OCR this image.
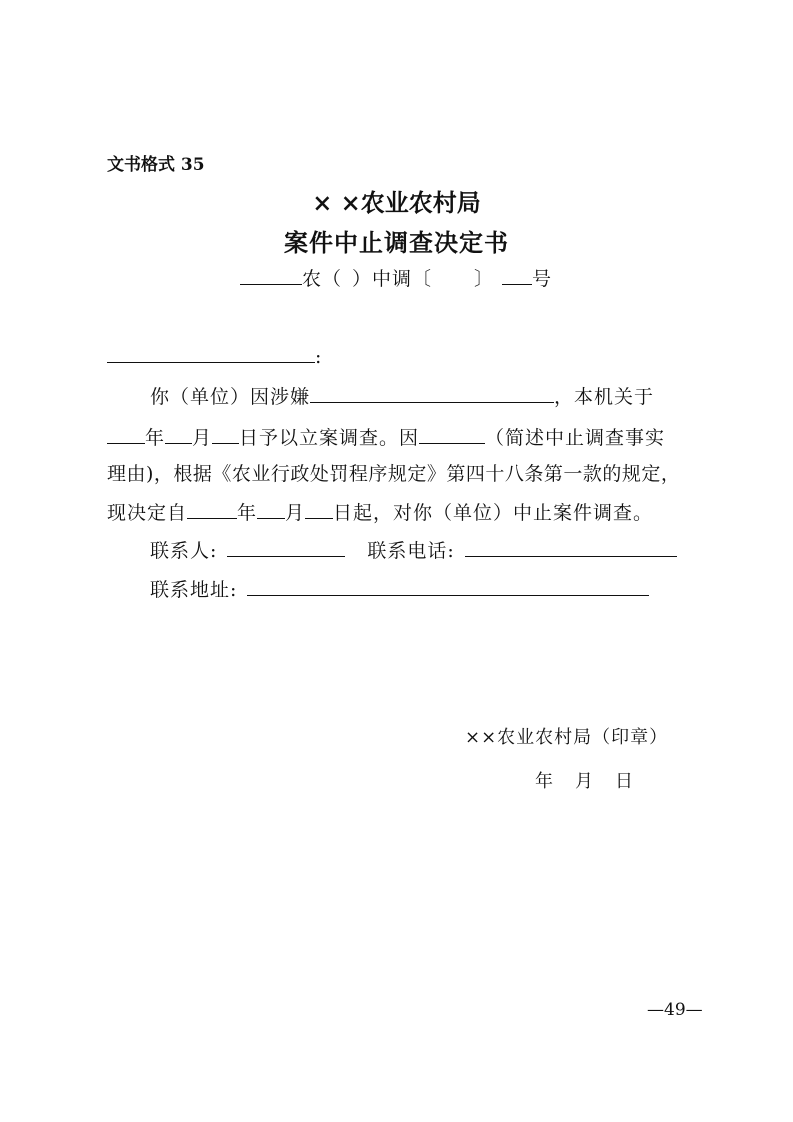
文书格式 35
× ×农业农村局
案件中止调查决定书
农（ ）中调〔 〕 号
:
你（单位）因涉嫌	，本机关于
年 月 日予以立案调查。因	（简述中止调查事实
理由)，根据《农业行政处罚程序规定》第四十八条第一款的规定，
现决定自	年 月 日起，对你（单位）中止案件调查。
联系人:	联系电话:
联系地址:
××农业农村局（印章）
年 月 日
—49—
